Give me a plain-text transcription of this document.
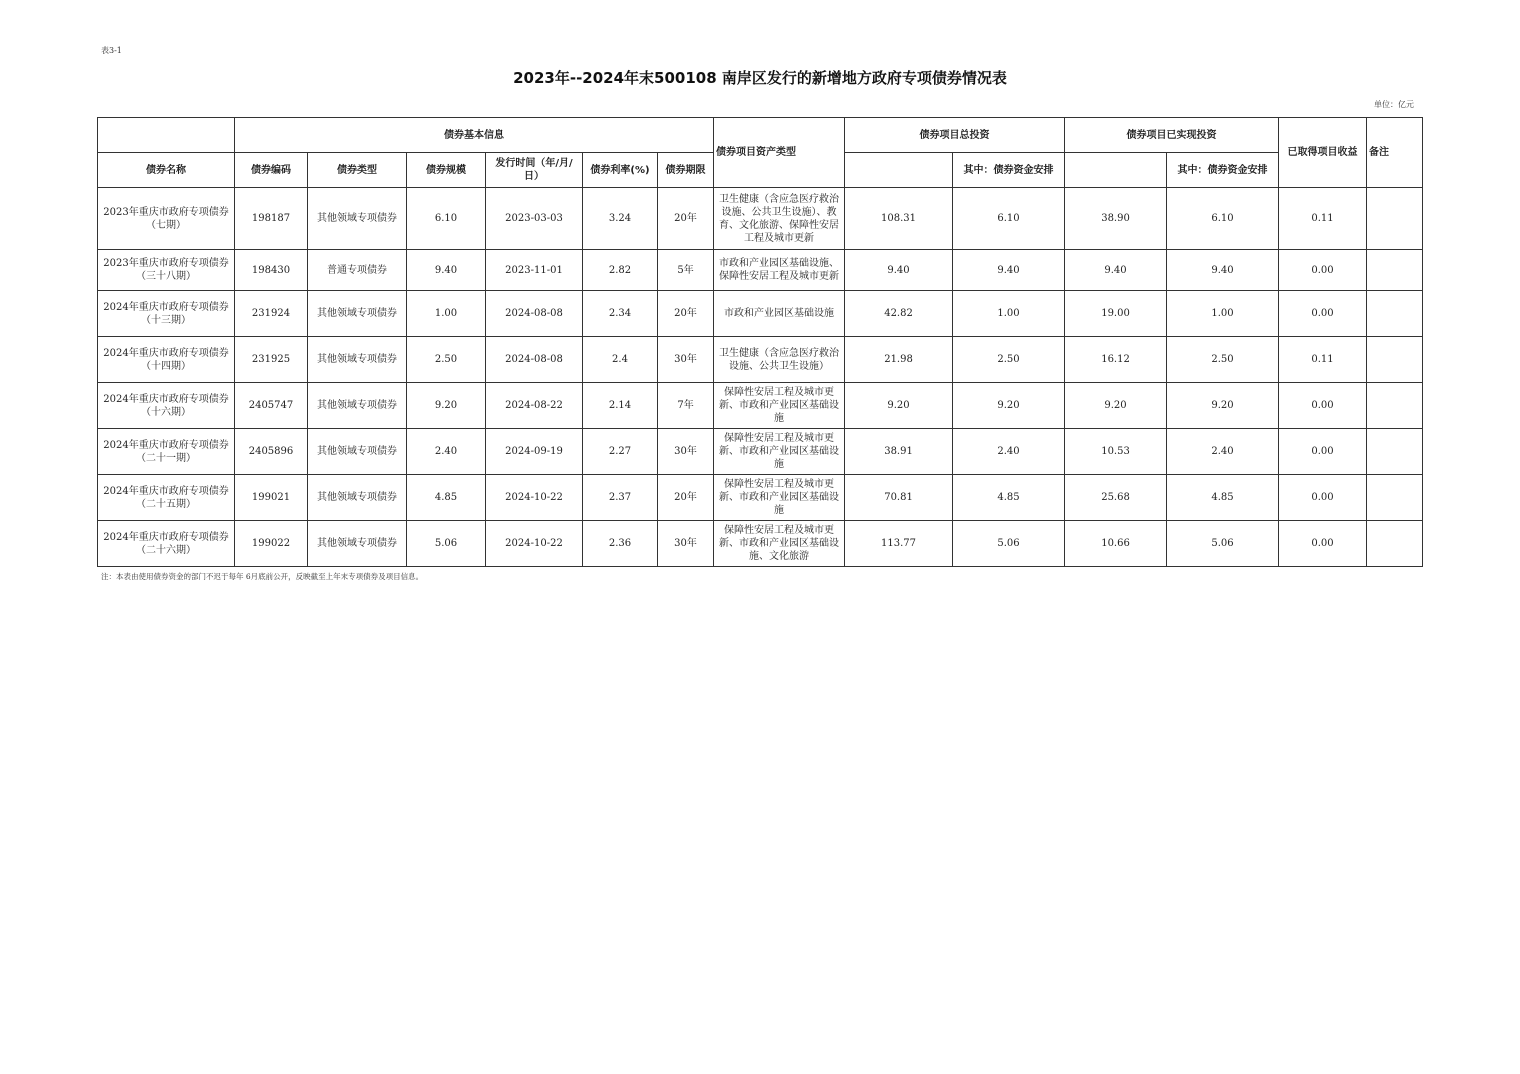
表3-1
2023年--2024年末500108 南岸区发行的新增地方政府专项债券情况表
单位：亿元
	债券基本信息						债券项目资产类型	债券项目总投资		债券项目已实现投资		已取得项目收益	备注
债券名称	债券编码	债券类型	债券规模	发行时间（年/月/日）	债券利率(%)	债券期限			其中：债券资金安排		其中：债券资金安排		
2023年重庆市政府专项债券（七期）	198187	其他领域专项债券	6.10	2023-03-03	3.24	20年	卫生健康（含应急医疗救治设施、公共卫生设施）、教育、文化旅游、保障性安居工程及城市更新	108.31	6.10	38.90	6.10	0.11	
2023年重庆市政府专项债券（三十八期）	198430	普通专项债券	9.40	2023-11-01	2.82	5年	市政和产业园区基础设施、保障性安居工程及城市更新	9.40	9.40	9.40	9.40	0.00	
2024年重庆市政府专项债券（十三期）	231924	其他领域专项债券	1.00	2024-08-08	2.34	20年	市政和产业园区基础设施	42.82	1.00	19.00	1.00	0.00	
2024年重庆市政府专项债券（十四期）	231925	其他领域专项债券	2.50	2024-08-08	2.4	30年	卫生健康（含应急医疗救治设施、公共卫生设施）	21.98	2.50	16.12	2.50	0.11	
2024年重庆市政府专项债券（十六期）	2405747	其他领域专项债券	9.20	2024-08-22	2.14	7年	保障性安居工程及城市更新、市政和产业园区基础设施	9.20	9.20	9.20	9.20	0.00	
2024年重庆市政府专项债券（二十一期）	2405896	其他领域专项债券	2.40	2024-09-19	2.27	30年	保障性安居工程及城市更新、市政和产业园区基础设施	38.91	2.40	10.53	2.40	0.00	
2024年重庆市政府专项债券（二十五期）	199021	其他领域专项债券	4.85	2024-10-22	2.37	20年	保障性安居工程及城市更新、市政和产业园区基础设施	70.81	4.85	25.68	4.85	0.00	
2024年重庆市政府专项债券（二十六期）	199022	其他领域专项债券	5.06	2024-10-22	2.36	30年	保障性安居工程及城市更新、市政和产业园区基础设施、文化旅游	113.77	5.06	10.66	5.06	0.00	
注：本表由使用债券资金的部门不迟于每年 6月底前公开，反映截至上年末专项债券及项目信息。
